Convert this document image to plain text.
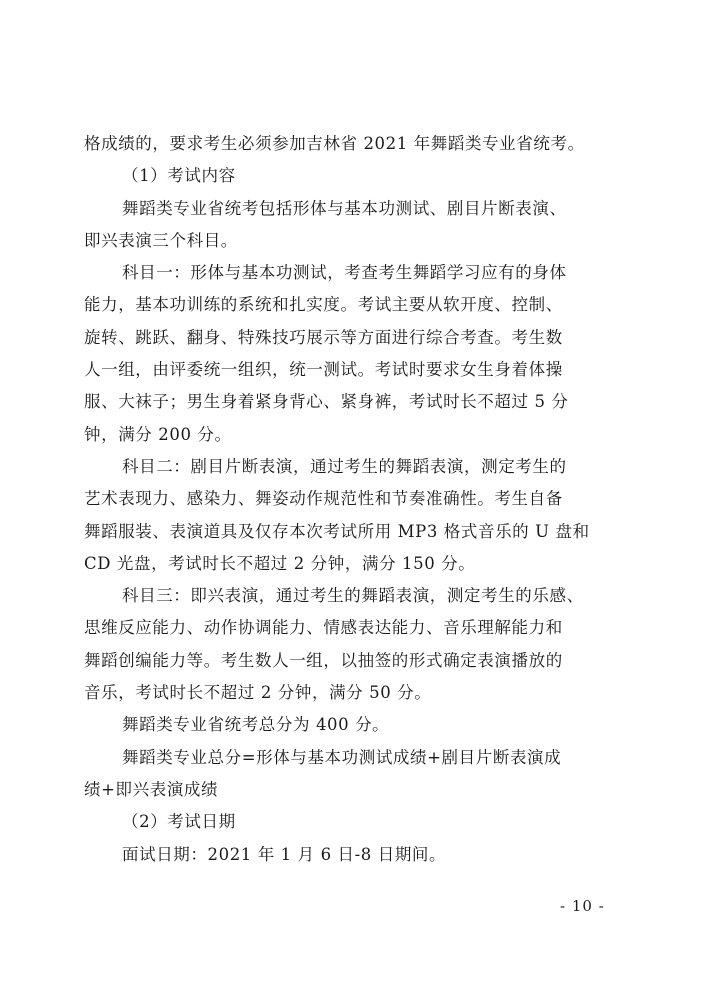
格成绩的，要求考生必须参加吉林省 2021 年舞蹈类专业省统考。
（1）考试内容
舞蹈类专业省统考包括形体与基本功测试、剧目片断表演、
即兴表演三个科目。
科目一：形体与基本功测试，考查考生舞蹈学习应有的身体
能力，基本功训练的系统和扎实度。考试主要从软开度、控制、
旋转、跳跃、翻身、特殊技巧展示等方面进行综合考查。考生数
人一组，由评委统一组织，统一测试。考试时要求女生身着体操
服、大袜子；男生身着紧身背心、紧身裤，考试时长不超过 5 分
钟，满分 200 分。
科目二：剧目片断表演，通过考生的舞蹈表演，测定考生的
艺术表现力、感染力、舞姿动作规范性和节奏准确性。考生自备
舞蹈服装、表演道具及仅存本次考试所用 MP3 格式音乐的 U 盘和
CD 光盘，考试时长不超过 2 分钟，满分 150 分。
科目三：即兴表演，通过考生的舞蹈表演，测定考生的乐感、
思维反应能力、动作协调能力、情感表达能力、音乐理解能力和
舞蹈创编能力等。考生数人一组，以抽签的形式确定表演播放的
音乐，考试时长不超过 2 分钟，满分 50 分。
舞蹈类专业省统考总分为 400 分。
舞蹈类专业总分=形体与基本功测试成绩+剧目片断表演成
绩+即兴表演成绩
（2）考试日期
面试日期：2021 年 1 月 6 日-8 日期间。
- 10 -
